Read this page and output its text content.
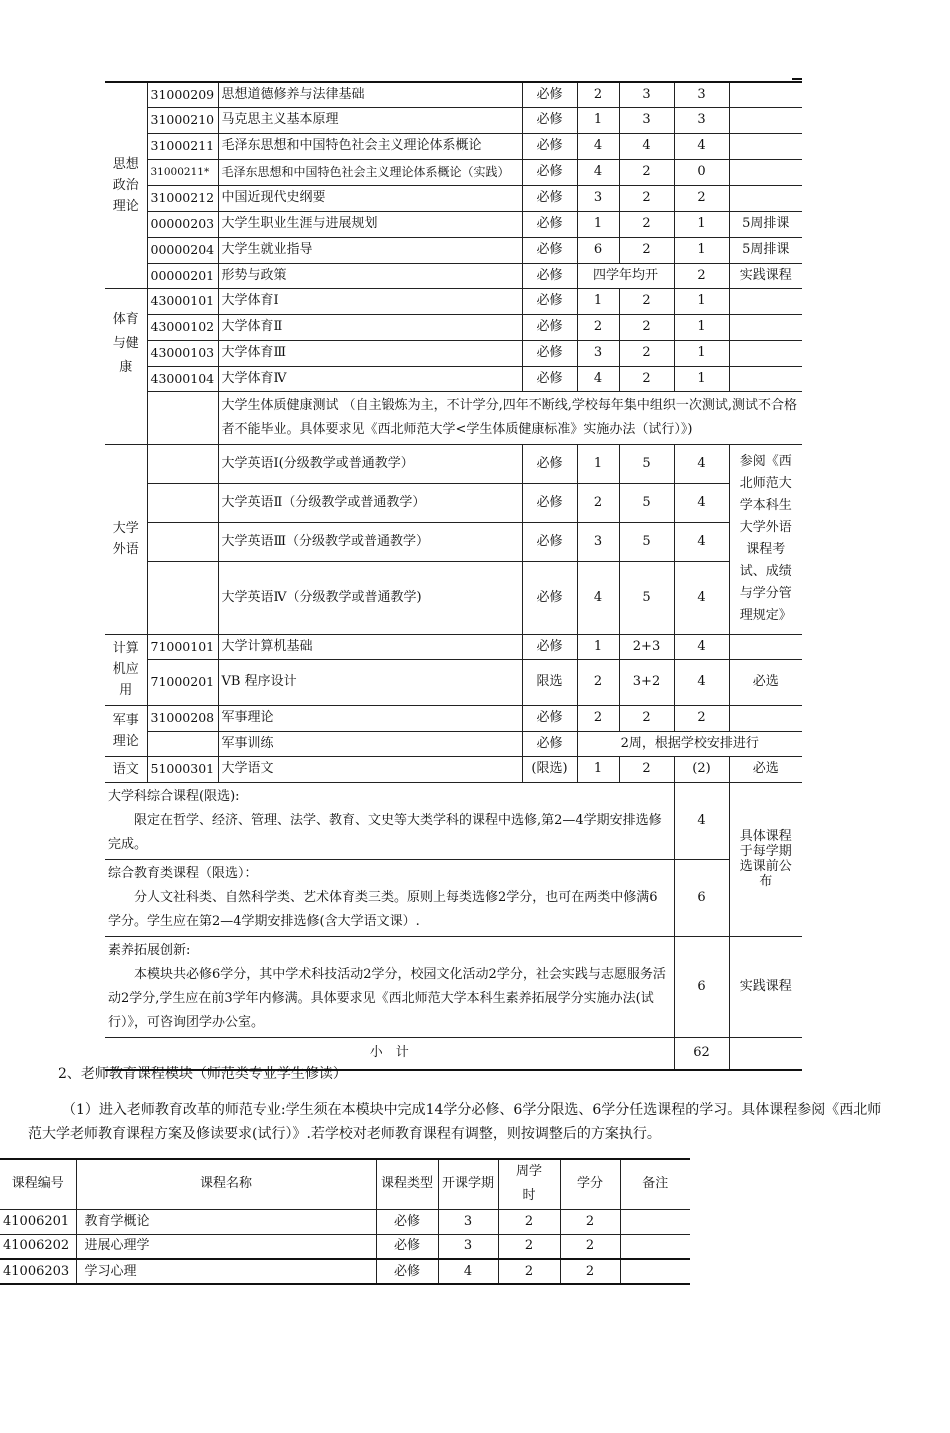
思想政治理论	31000209	思想道德修养与法律基础	必修	2	3	3	
	31000210	马克思主义基本原理	必修	1	3	3	
	31000211	毛泽东思想和中国特色社会主义理论体系概论	必修	4	4	4	
	31000211*	毛泽东思想和中国特色社会主义理论体系概论（实践）	必修	4	2	0	
	31000212	中国近现代史纲要	必修	3	2	2	
	00000203	大学生职业生涯与进展规划	必修	1	2	1	5周排课
	00000204	大学生就业指导	必修	6	2	1	5周排课
	00000201	形势与政策	必修	四学年均开		2	实践课程

体育与健康	43000101	大学体育Ⅰ	必修	1	2	1	
	43000102	大学体育Ⅱ	必修	2	2	1	
	43000103	大学体育Ⅲ	必修	3	2	1	
	43000104	大学体育Ⅳ	必修	4	2	1	
		大学生体质健康测试 （自主锻炼为主，不计学分,四年不断线,学校每年集中组织一次测试,测试不合格者不能毕业。具体要求见《西北师范大学<学生体质健康标准》实施办法（试行）》)					
大学外语		大学英语Ⅰ(分级教学或普通教学）	必修	1	5	4	参阅《西北师范大学本科生大学外语课程考试、成绩与学分管理规定》
		大学英语Ⅱ（分级教学或普通教学）	必修	2	5	4	
		大学英语Ⅲ（分级教学或普通教学）	必修	3	5	4	
		大学英语Ⅳ（分级教学或普通教学)	必修	4	5	4	
计算机应用	71000101	大学计算机基础	必修	1	2+3	4	
	71000201	VB 程序设计	限选	2	3+2	4	必选
军事理论	31000208	军事理论	必修	2	2	2	
		军事训练	必修	2周，根据学校安排进行			
语文	51000301	大学语文	(限选)	1	2	(2)	必选

大学科综合课程(限选):
限定在哲学、经济、管理、法学、教育、文史等大类学科的课程中选修,第2—4学期安排选修完成。						4	具体课程于每学期选课前公布

综合教育类课程（限选）：
分人文社科类、自然科学类、艺术体育类三类。原则上每类选修2学分，也可在两类中修满6学分。学生应在第2—4学期安排选修(含大学语文课）.						6	

素养拓展创新:
本模块共必修6学分，其中学术科技活动2学分，校园文化活动2学分，社会实践与志愿服务活动2学分,学生应在前3学年内修满。具体要求见《西北师范大学本科生素养拓展学分实施办法(试行）》，可咨询团学办公室。						6	实践课程
小　计						62	
2、老师教育课程模块（师范类专业学生修读）

（1）进入老师教育改革的师范专业:学生须在本模块中完成14学分必修、6学分限选、6学分任选课程的学习。具体课程参阅《西北师范大学老师教育课程方案及修读要求(试行）》.若学校对老师教育课程有调整，则按调整后的方案执行。

课程编号	课程名称	课程类型	开课学期	周学时	学分	备注
41006201	教育学概论	必修	3	2	2	
41006202	进展心理学	必修	3	2	2	
41006203	学习心理	必修	4	2	2	
